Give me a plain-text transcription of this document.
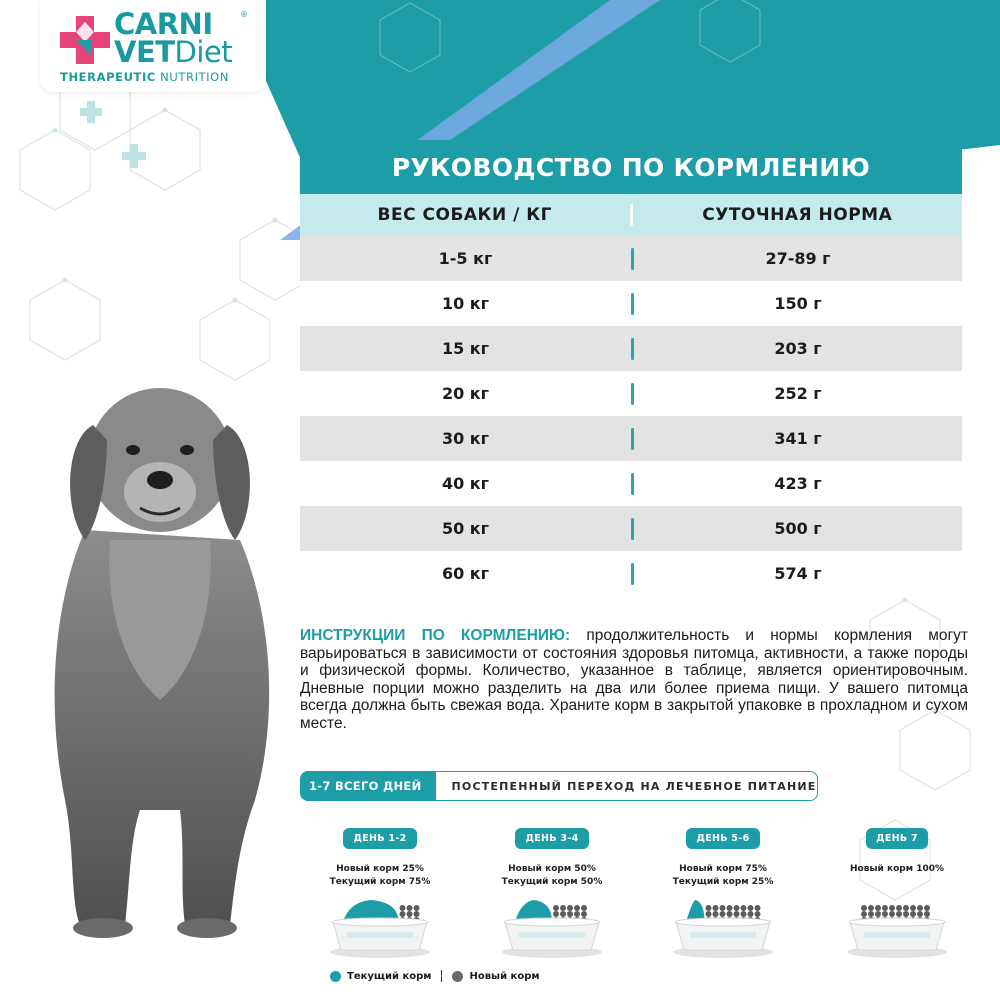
CARNI
VETDiet
®
THERAPEUTIC NUTRITION
РУКОВОДСТВО ПО КОРМЛЕНИЮ
ВЕС СОБАКИ / КГ	СУТОЧНАЯ НОРМА
1-5 кг	27-89 г
10 кг	150 г
15 кг	203 г
20 кг	252 г
30 кг	341 г
40 кг	423 г
50 кг	500 г
60 кг	574 г
ИНСТРУКЦИИ ПО КОРМЛЕНИЮ: продолжительность и нормы кормления могут варьироваться в зависимости от состояния здоровья питомца, активности, а также породы и физической формы. Количество, указанное в таблице, является ориентировочным. Дневные порции можно разделить на два или более приема пищи. У вашего питомца всегда должна быть свежая вода. Храните корм в закрытой упаковке в прохладном и сухом месте.
1-7 ВСЕГО ДНЕЙ	ПОСТЕПЕННЫЙ ПЕРЕХОД НА ЛЕЧЕБНОЕ ПИТАНИЕ
ДЕНЬ 1-2
Новый корм 25%
Текущий корм 75%
ДЕНЬ 3-4
Новый корм 50%
Текущий корм 50%
ДЕНЬ 5-6
Новый корм 75%
Текущий корм 25%
ДЕНЬ 7
Новый корм 100%
Текущий корм	Новый корм
